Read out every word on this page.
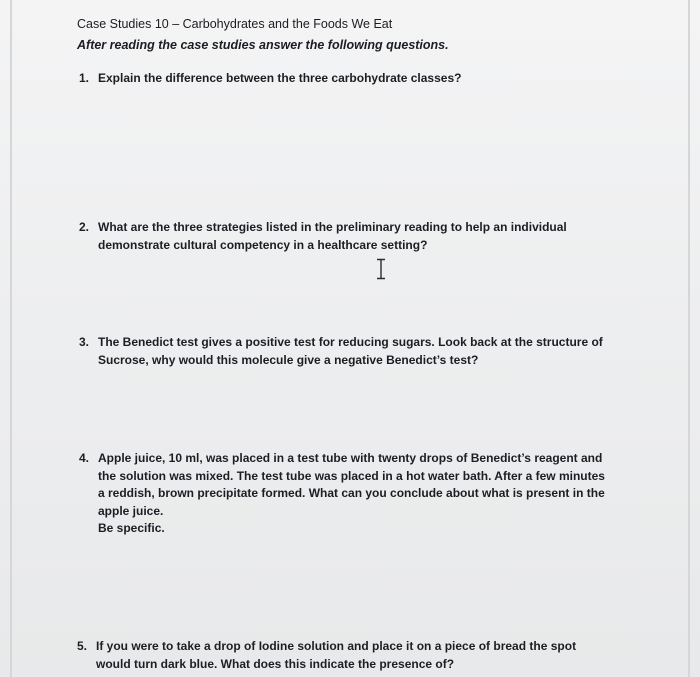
Case Studies 10 – Carbohydrates and the Foods We Eat
After reading the case studies answer the following questions.
1. Explain the difference between the three carbohydrate classes?
2. What are the three strategies listed in the preliminary reading to help an individual
demonstrate cultural competency in a healthcare setting?
3. The Benedict test gives a positive test for reducing sugars. Look back at the structure of
Sucrose, why would this molecule give a negative Benedict’s test?
4. Apple juice, 10 ml, was placed in a test tube with twenty drops of Benedict’s reagent and
the solution was mixed. The test tube was placed in a hot water bath. After a few minutes
a reddish, brown precipitate formed. What can you conclude about what is present in the
apple juice.
Be specific.
5. If you were to take a drop of Iodine solution and place it on a piece of bread the spot
would turn dark blue. What does this indicate the presence of?
